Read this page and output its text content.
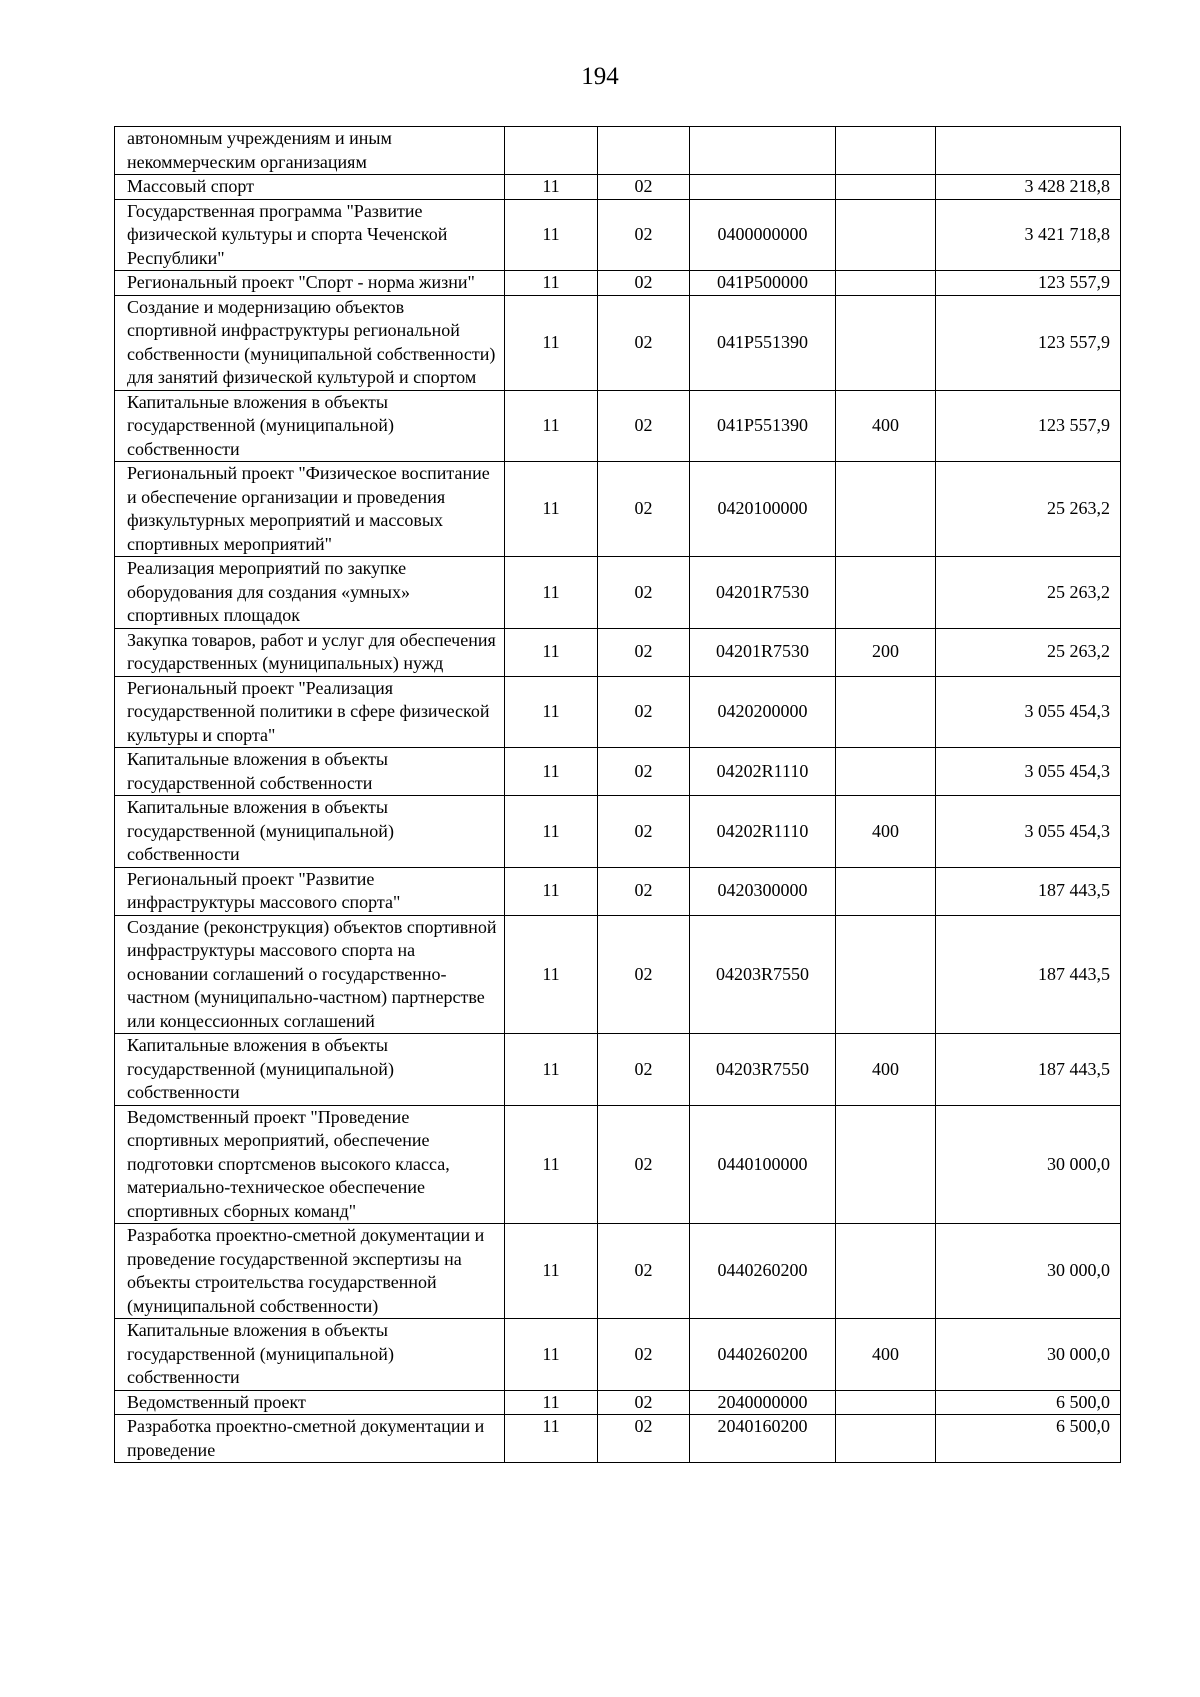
194
автономным учреждениям и иным некоммерческим организациям					
Массовый спорт	11	02			3 428 218,8
Государственная программа "Развитие физической культуры и спорта Чеченской Республики"	11	02	0400000000		3 421 718,8
Региональный проект "Спорт - норма жизни"	11	02	041Р500000		123 557,9
Создание и модернизацию объектов спортивной инфраструктуры региональной собственности (муниципальной собственности) для занятий физической культурой и спортом	11	02	041Р551390		123 557,9
Капитальные вложения в объекты государственной (муниципальной) собственности	11	02	041Р551390	400	123 557,9
Региональный проект "Физическое воспитание и обеспечение организации и проведения физкультурных мероприятий и массовых спортивных мероприятий"	11	02	0420100000		25 263,2
Реализация мероприятий по закупке оборудования для создания «умных» спортивных площадок	11	02	04201R7530		25 263,2
Закупка товаров, работ и услуг для обеспечения государственных (муниципальных) нужд	11	02	04201R7530	200	25 263,2
Региональный проект "Реализация государственной политики в сфере физической культуры и спорта"	11	02	0420200000		3 055 454,3
Капитальные вложения в объекты государственной собственности	11	02	04202R1110		3 055 454,3
Капитальные вложения в объекты государственной (муниципальной) собственности	11	02	04202R1110	400	3 055 454,3
Региональный проект "Развитие инфраструктуры массового спорта"	11	02	0420300000		187 443,5
Создание (реконструкция) объектов спортивной инфраструктуры массового спорта на основании соглашений о государственно-частном (муниципально-частном) партнерстве или концессионных соглашений	11	02	04203R7550		187 443,5
Капитальные вложения в объекты государственной (муниципальной) собственности	11	02	04203R7550	400	187 443,5
Ведомственный проект "Проведение спортивных мероприятий, обеспечение подготовки спортсменов высокого класса, материально-техническое обеспечение спортивных сборных команд"	11	02	0440100000		30 000,0
Разработка проектно-сметной документации и проведение государственной экспертизы на объекты строительства государственной (муниципальной собственности)	11	02	0440260200		30 000,0
Капитальные вложения в объекты государственной (муниципальной) собственности	11	02	0440260200	400	30 000,0
Ведомственный проект	11	02	2040000000		6 500,0
Разработка проектно-сметной документации и проведение	11	02	2040160200		6 500,0
